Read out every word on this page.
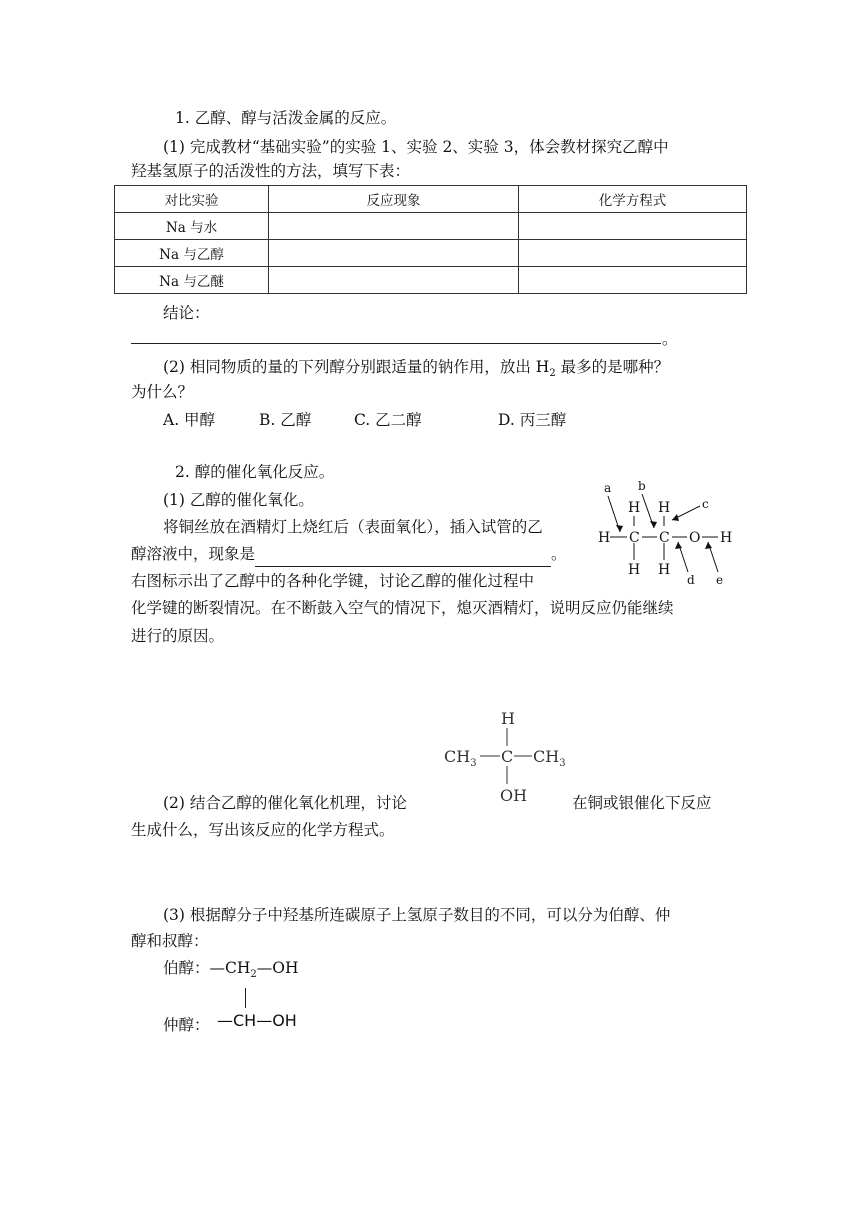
1. 乙醇、醇与活泼金属的反应。
(1) 完成教材“基础实验”的实验 1、实验 2、实验 3，体会教材探究乙醇中
羟基氢原子的活泼性的方法，填写下表：
对比实验	反应现象	化学方程式
Na 与水		
Na 与乙醇		
Na 与乙醚		
结论：
。
(2) 相同物质的量的下列醇分别跟适量的钠作用，放出 $H_2$ 最多的是哪种？
为什么？
A. 甲醇	B. 乙醇	C. 乙二醇	D. 丙三醇
2. 醇的催化氧化反应。
(1) 乙醇的催化氧化。
将铜丝放在酒精灯上烧红后（表面氧化），插入试管的乙
醇溶液中，现象是	。
右图标示出了乙醇中的各种化学键，讨论乙醇的催化过程中
化学键的断裂情况。在不断鼓入空气的情况下，熄灭酒精灯，说明反应仍能继续
进行的原因。
H
H
H
C C O H
H
H
a b
c
d e
H
$CH_3$ C $CH_3$
OH
(2) 结合乙醇的催化氧化机理，讨论	在铜或银催化下反应
生成什么，写出该反应的化学方程式。
(3) 根据醇分子中羟基所连碳原子上氢原子数目的不同，可以分为伯醇、仲
醇和叔醇：
伯醇：$—CH_2—OH$
仲醇： —CH—OH
